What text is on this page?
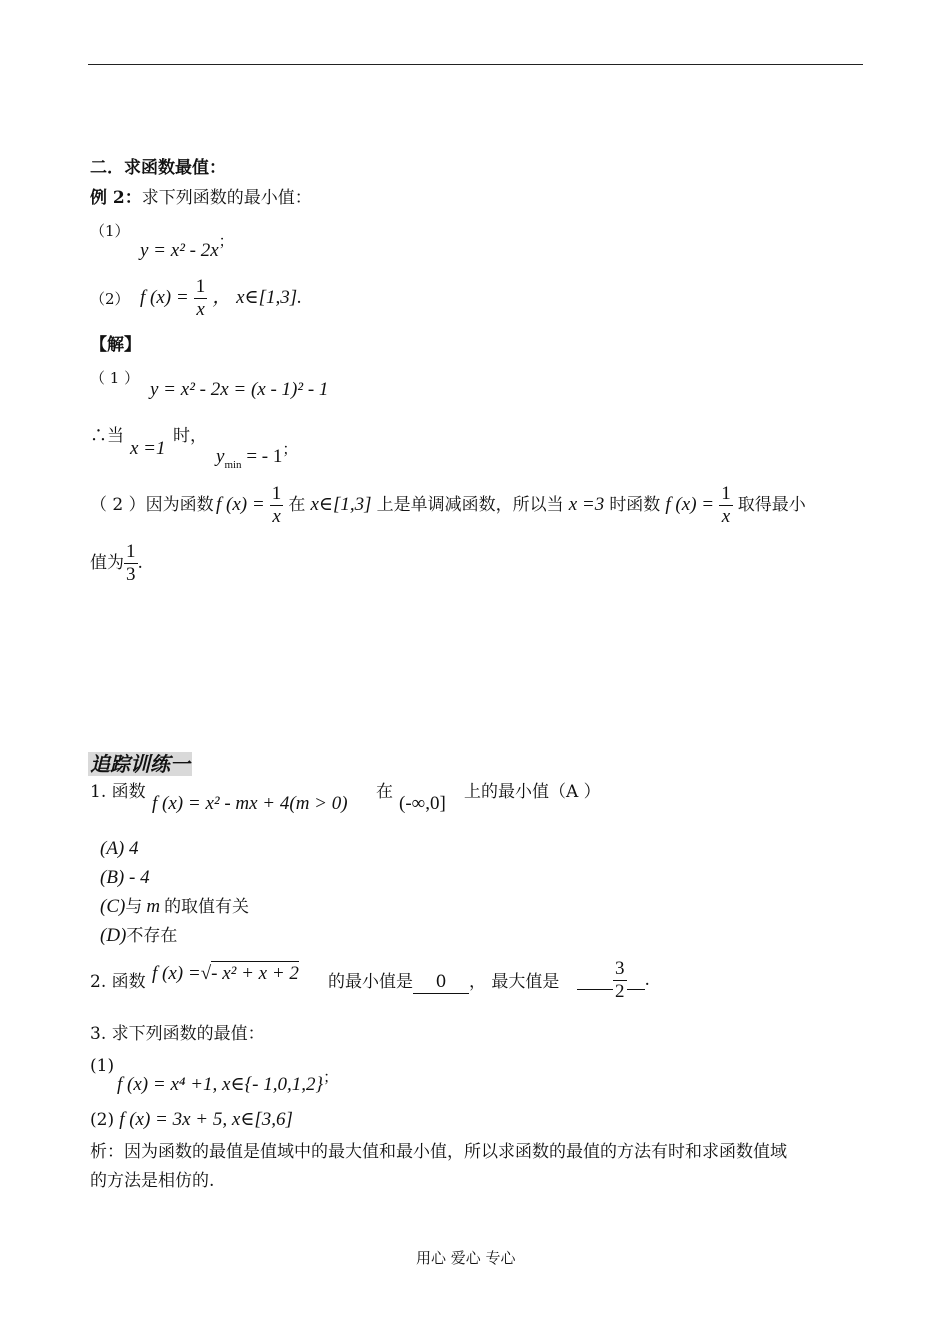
二．求函数最值：
例 2：求下列函数的最小值：
（1）
y = x² - 2x；
（2） f $(x) = \frac{1}{x}$ ， x∈[1,3].
【解】
（ 1 ）
y = x² - 2x = (x - 1)² - 1
∴当
x =1
时，
$y_{min}$ = - 1；
（ 2 ）因为函数 f $(x) = \frac{1}{x}$ 在 x∈[1,3] 上是单调减函数，所以当 x =3 时函数 f $(x) = \frac{1}{x}$ 取得最小
值为 $\frac{1}{3}$ .
追踪训练一
1. 函数
f (x) = x² - mx + 4(m > 0)
在
(-∞,0]
上的最小值（A ）
(A) 4
(B) - 4
(C)与 m 的取值有关
(D)不存在
2. 函数 f (x) =√- x² + x + 2 的最小值是 0 ， 最大值是
	$\frac{3}{2}$ .
3. 求下列函数的最值：
(1)
f (x) = x⁴ +1, x∈{- 1,0,1,2}；
(2) f (x) = 3x + 5, x∈[3,6]
析：因为函数的最值是值域中的最大值和最小值，所以求函数的最值的方法有时和求函数值域
的方法是相仿的.
用心 爱心 专心
